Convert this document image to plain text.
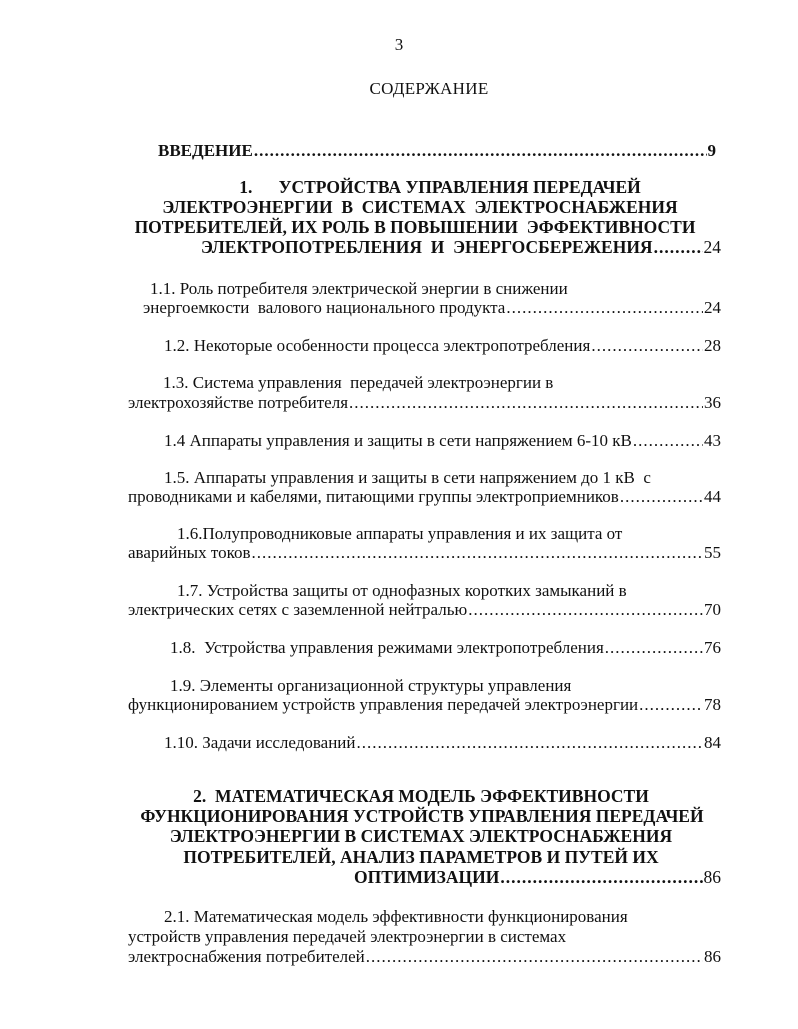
3
СОДЕРЖАНИЕ
ВВЕДЕНИЕ .....	9
1.      УСТРОЙСТВА УПРАВЛЕНИЯ ПЕРЕДАЧЕЙ
ЭЛЕКТРОЭНЕРГИИ  В  СИСТЕМАХ  ЭЛЕКТРОСНАБЖЕНИЯ
ПОТРЕБИТЕЛЕЙ, ИХ РОЛЬ В ПОВЫШЕНИИ  ЭФФЕКТИВНОСТИ
ЭЛЕКТРОПОТРЕБЛЕНИЯ  И  ЭНЕРГОСБЕРЕЖЕНИЯ .....	24
1.1. Роль потребителя электрической энергии в снижении
энергоемкости  валового национального продукта .....	24
1.2. Некоторые особенности процесса электропотребления .....	28
1.3. Система управления  передачей электроэнергии в
электрохозяйстве потребителя .....	36
1.4 Аппараты управления и защиты в сети напряжением 6-10 кВ .....	43
1.5. Аппараты управления и защиты в сети напряжением до 1 кВ  с
проводниками и кабелями, питающими группы электроприемников .....	44
1.6.Полупроводниковые аппараты управления и их защита от
аварийных токов .....	55
1.7. Устройства защиты от однофазных коротких замыканий в
электрических сетях с заземленной нейтралью .....	70
1.8.  Устройства управления режимами электропотребления .....	76
1.9. Элементы организационной структуры управления
функционированием устройств управления передачей электроэнергии .....	78
1.10. Задачи исследований .....	84
2.  МАТЕМАТИЧЕСКАЯ МОДЕЛЬ ЭФФЕКТИВНОСТИ
ФУНКЦИОНИРОВАНИЯ УСТРОЙСТВ УПРАВЛЕНИЯ ПЕРЕДАЧЕЙ
ЭЛЕКТРОЭНЕРГИИ В СИСТЕМАХ ЭЛЕКТРОСНАБЖЕНИЯ
ПОТРЕБИТЕЛЕЙ, АНАЛИЗ ПАРАМЕТРОВ И ПУТЕЙ ИХ
ОПТИМИЗАЦИИ .....	86
2.1. Математическая модель эффективности функционирования
устройств управления передачей электроэнергии в системах
электроснабжения потребителей .....	86
